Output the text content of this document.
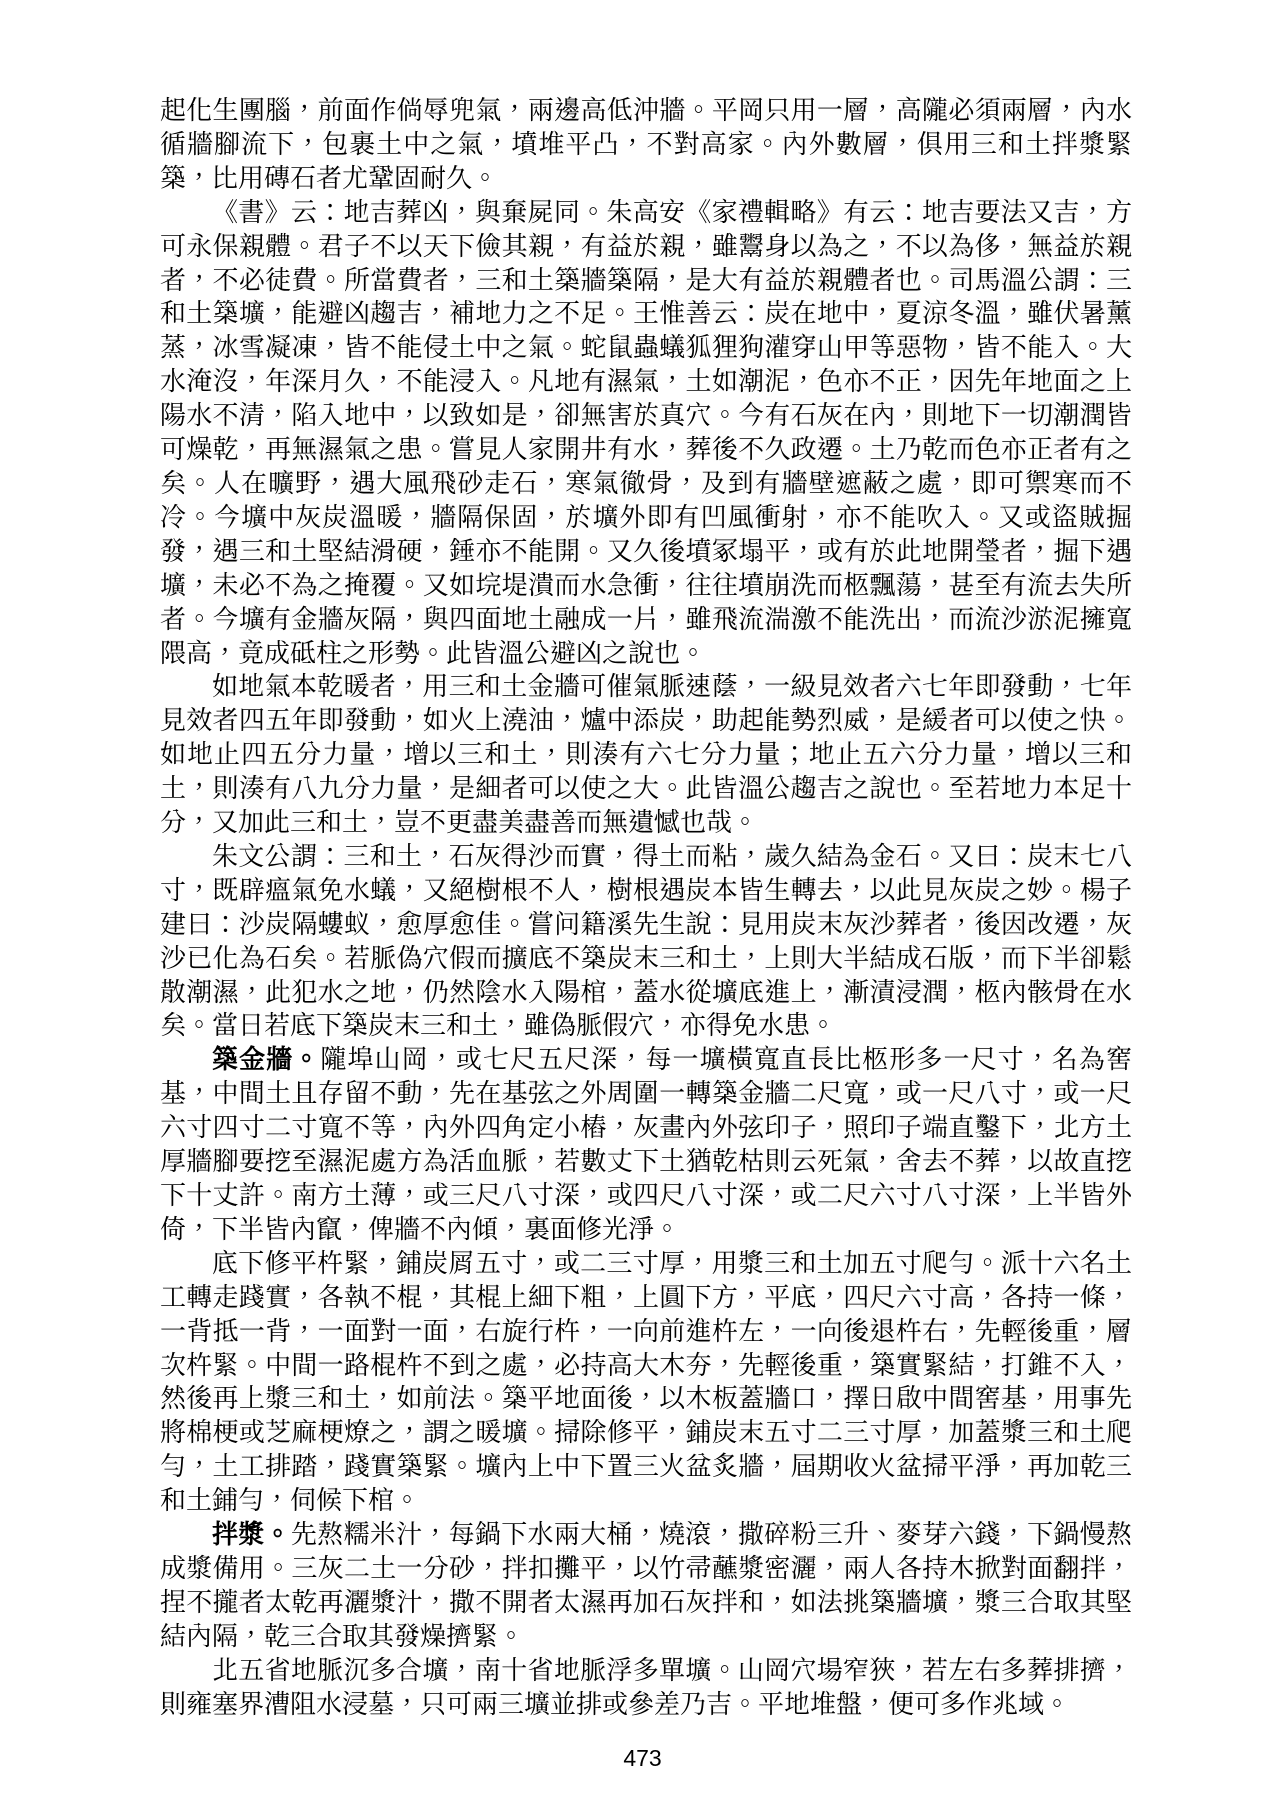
起化生團腦，前面作倘辱兜氣，兩邊高低沖牆。平岡只用一層，高隴必須兩層，內水循牆腳流下，包裹土中之氣，墳堆平凸，不對高家。內外數層，俱用三和土拌漿緊築，比用磚石者尤鞏固耐久。

《書》云：地吉葬凶，與棄屍同。朱高安《家禮輯略》有云：地吉要法又吉，方可永保親體。君子不以天下儉其親，有益於親，雖鬻身以為之，不以為侈，無益於親者，不必徒費。所當費者，三和土築牆築隔，是大有益於親體者也。司馬溫公謂：三和土築壙，能避凶趨吉，補地力之不足。王惟善云：炭在地中，夏涼冬溫，雖伏暑薰蒸，冰雪凝凍，皆不能侵土中之氣。蛇鼠蟲蟻狐狸狗灌穿山甲等惡物，皆不能入。大水淹沒，年深月久，不能浸入。凡地有濕氣，土如潮泥，色亦不正，因先年地面之上陽水不清，陷入地中，以致如是，卻無害於真穴。今有石灰在內，則地下一切潮潤皆可燥乾，再無濕氣之患。嘗見人家開井有水，葬後不久政遷。土乃乾而色亦正者有之矣。人在曠野，遇大風飛砂走石，寒氣徹骨，及到有牆壁遮蔽之處，即可禦寒而不冷。今壙中灰炭溫暖，牆隔保固，於壙外即有凹風衝射，亦不能吹入。又或盜賊掘發，遇三和土堅結滑硬，錘亦不能開。又久後墳冢塌平，或有於此地開瑩者，掘下遇壙，未必不為之掩覆。又如垸堤潰而水急衝，往往墳崩洗而柩飄蕩，甚至有流去失所者。今壙有金牆灰隔，與四面地土融成一片，雖飛流湍激不能洗出，而流沙淤泥擁寬隈高，竟成砥柱之形勢。此皆溫公避凶之說也。

如地氣本乾暖者，用三和土金牆可催氣脈速蔭，一級見效者六七年即發動，七年見效者四五年即發動，如火上澆油，爐中添炭，助起能勢烈威，是緩者可以使之快。如地止四五分力量，增以三和土，則湊有六七分力量；地止五六分力量，增以三和土，則湊有八九分力量，是細者可以使之大。此皆溫公趨吉之說也。至若地力本足十分，又加此三和土，豈不更盡美盡善而無遺憾也哉。

朱文公謂：三和土，石灰得沙而實，得土而粘，歲久結為金石。又曰：炭末七八寸，既辟瘟氣免水蟻，又絕樹根不人，樹根遇炭本皆生轉去，以此見灰炭之妙。楊子建曰：沙炭隔螻蚁，愈厚愈佳。嘗问籍溪先生說：見用炭末灰沙葬者，後因改遷，灰沙已化為石矣。若脈偽穴假而擴底不築炭末三和土，上則大半結成石版，而下半卻鬆散潮濕，此犯水之地，仍然陰水入陽棺，蓋水從壙底進上，漸漬浸潤，柩內骸骨在水矣。當日若底下築炭末三和土，雖偽脈假穴，亦得免水患。

築金牆。隴埠山岡，或七尺五尺深，每一壙橫寬直長比柩形多一尺寸，名為窖基，中間土且存留不動，先在基弦之外周圍一轉築金牆二尺寬，或一尺八寸，或一尺六寸四寸二寸寬不等，內外四角定小樁，灰畫內外弦印子，照印子端直鑿下，北方土厚牆腳要挖至濕泥處方為活血脈，若數丈下土猶乾枯則云死氣，舍去不葬，以故直挖下十丈許。南方土薄，或三尺八寸深，或四尺八寸深，或二尺六寸八寸深，上半皆外倚，下半皆內竄，俾牆不內傾，裏面修光淨。

底下修平杵緊，鋪炭屑五寸，或二三寸厚，用漿三和土加五寸爬勻。派十六名土工轉走踐實，各執不棍，其棍上細下粗，上圓下方，平底，四尺六寸高，各持一條，一背抵一背，一面對一面，右旋行杵，一向前進杵左，一向後退杵右，先輕後重，層次杵緊。中間一路棍杵不到之處，必持高大木夯，先輕後重，築實緊結，打錐不入，然後再上漿三和土，如前法。築平地面後，以木板蓋牆口，擇日啟中間窖基，用事先將棉梗或芝麻梗燎之，謂之暖壙。掃除修平，鋪炭末五寸二三寸厚，加蓋漿三和土爬勻，土工排踏，踐實築緊。壙內上中下置三火盆炙牆，屆期收火盆掃平淨，再加乾三和土鋪勻，伺候下棺。

拌漿。先熬糯米汁，每鍋下水兩大桶，燒滾，撒碎粉三升、麥芽六錢，下鍋慢熬成漿備用。三灰二土一分砂，拌扣攤平，以竹帚蘸漿密灑，兩人各持木掀對面翻拌，捏不攏者太乾再灑漿汁，撒不開者太濕再加石灰拌和，如法挑築牆壙，漿三合取其堅結內隔，乾三合取其發燥擠緊。

北五省地脈沉多合壙，南十省地脈浮多單壙。山岡穴場窄狹，若左右多葬排擠，則雍塞界漕阻水浸墓，只可兩三壙並排或參差乃吉。平地堆盤，便可多作兆域。

473
